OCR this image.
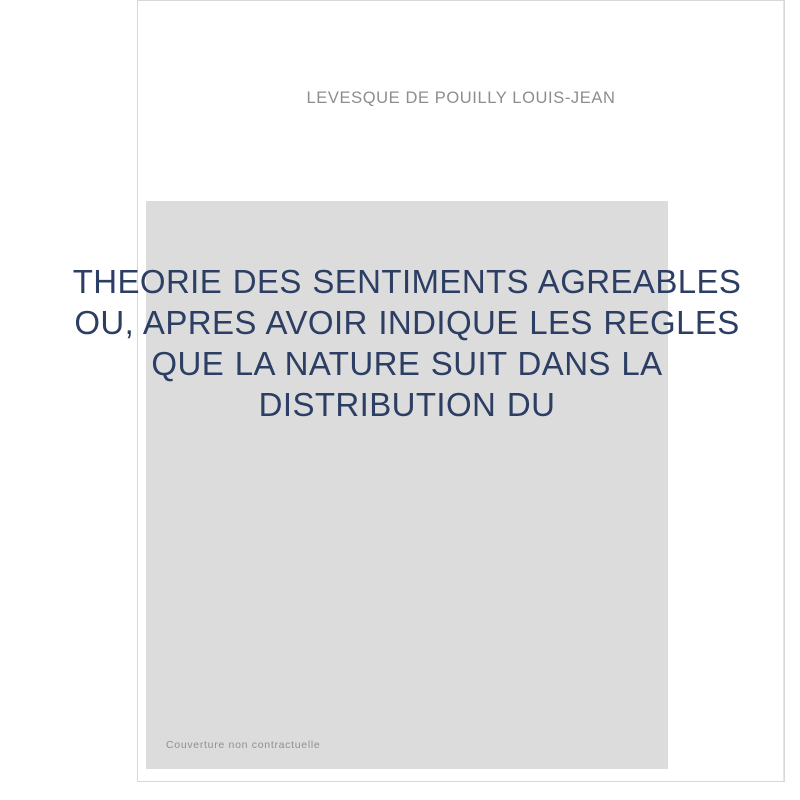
LEVESQUE DE POUILLY LOUIS-JEAN
THEORIE DES SENTIMENTS AGREABLES OU, APRES AVOIR INDIQUE LES REGLES QUE LA NATURE SUIT DANS LA DISTRIBUTION DU
Couverture non contractuelle
